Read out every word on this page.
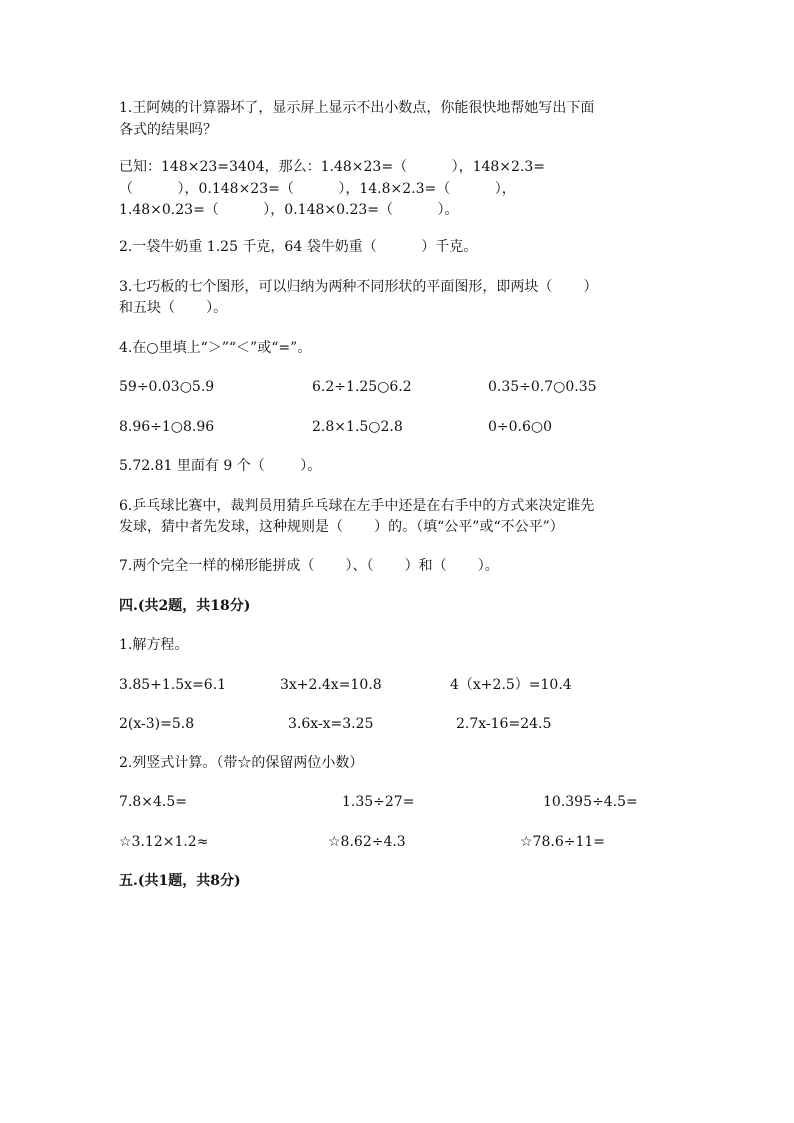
1.王阿姨的计算器坏了，显示屏上显示不出小数点，你能很快地帮她写出下面
各式的结果吗？
已知：148×23=3404，那么：1.48×23=（          ），148×2.3=
（          ），0.148×23=（          ），14.8×2.3=（          ），
1.48×0.23=（          ），0.148×0.23=（          ）。
2.一袋牛奶重 1.25 千克，64 袋牛奶重（          ）千克。
3.七巧板的七个图形，可以归纳为两种不同形状的平面图形，即两块（       ）
和五块（       ）。
4.在○里填上“＞”“＜”或“=”。
59÷0.03○5.9	6.2÷1.25○6.2	0.35÷0.7○0.35
8.96÷1○8.96	2.8×1.5○2.8	0÷0.6○0
5.72.81 里面有 9 个（        ）。
6.乒乓球比赛中，裁判员用猜乒乓球在左手中还是在右手中的方式来决定谁先
发球，猜中者先发球，这种规则是（       ）的。（填“公平”或“不公平”）
7.两个完全一样的梯形能拼成（       ）、（       ）和（       ）。
四.(共2题，共18分)
1.解方程。
3.85+1.5x=6.1	3x+2.4x=10.8	4（x+2.5）=10.4
2(x-3)=5.8	3.6x-x=3.25	2.7x-16=24.5
2.列竖式计算。（带☆的保留两位小数）
7.8×4.5=	1.35÷27=	10.395÷4.5=
☆3.12×1.2≈	☆8.62÷4.3	☆78.6÷11=
五.(共1题，共8分)
